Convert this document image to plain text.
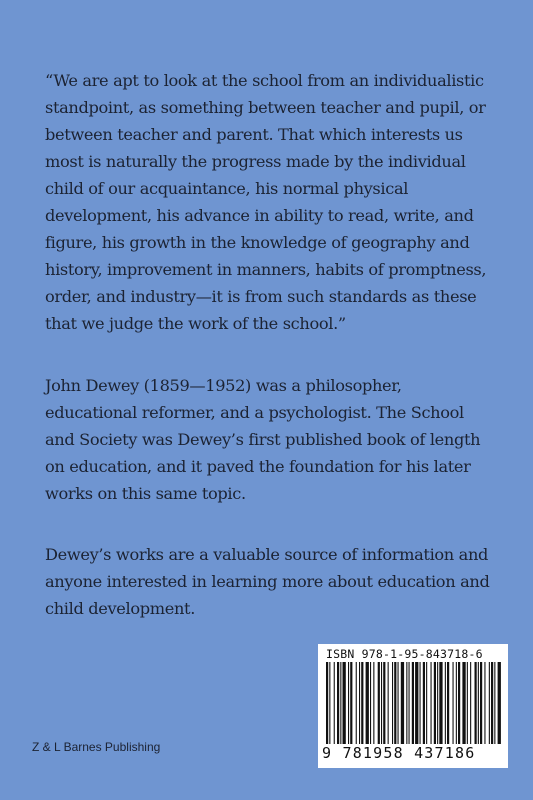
“We are apt to look at the school from an individualistic standpoint, as something between teacher and pupil, or between teacher and parent. That which interests us most is naturally the progress made by the individual child of our acquaintance, his normal physical development, his advance in ability to read, write, and figure, his growth in the knowledge of geography and history, improvement in manners, habits of promptness, order, and industry—it is from such standards as these that we judge the work of the school.”

John Dewey (1859—1952) was a philosopher, educational reformer, and a psychologist. The School and Society was Dewey’s first published book of length on education, and it paved the foundation for his later works on this same topic.

Dewey’s works are a valuable source of information and anyone interested in learning more about education and child development.

Z & L Barnes Publishing
ISBN 978-1-95-843718-6
9 781958 437186
